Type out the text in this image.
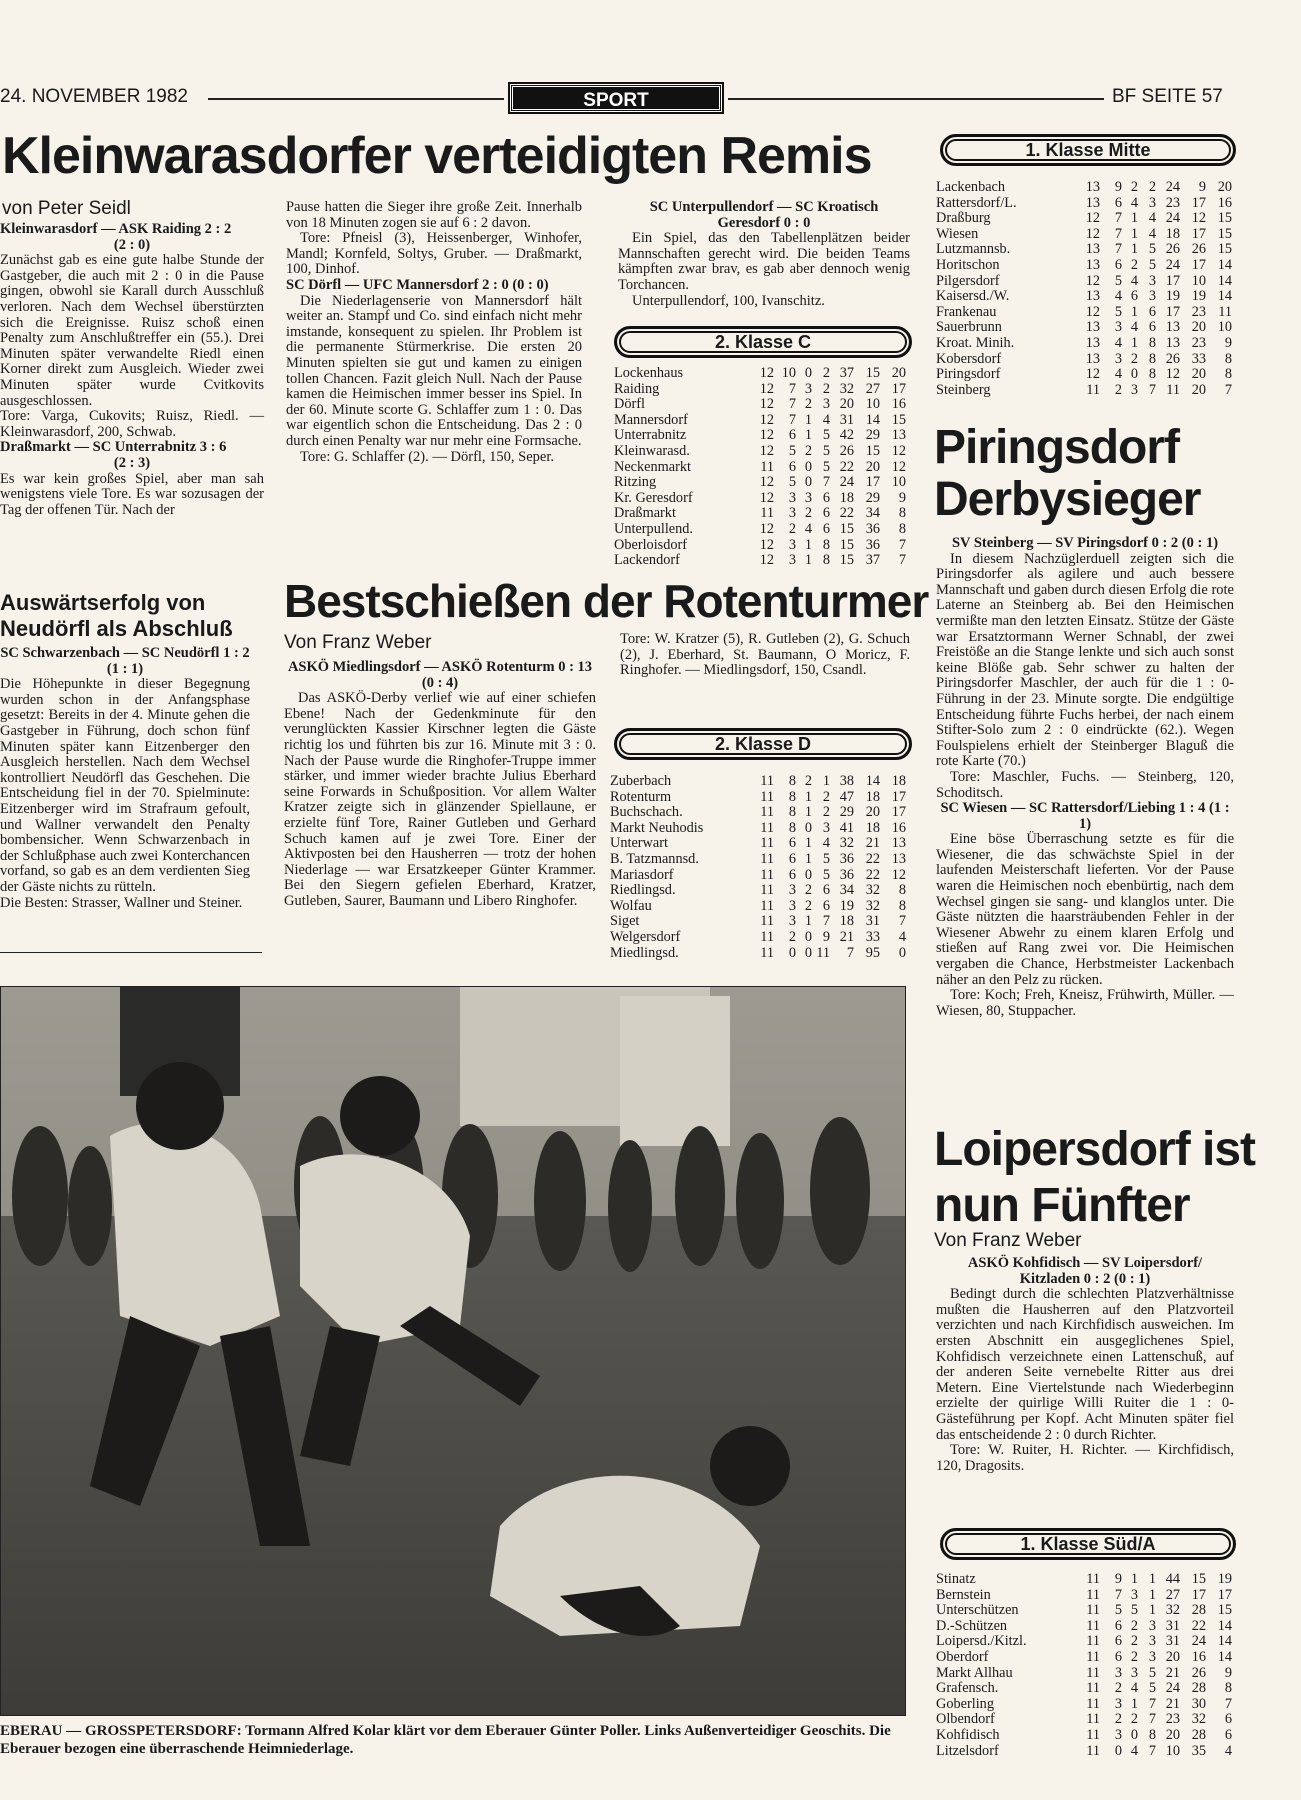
24. NOVEMBER 1982	SPORT	BF SEITE 57
Kleinwarasdorfer verteidigten Remis
von Peter Seidl

Kleinwarasdorf — ASK Raiding 2 : 2

(2 : 0)

Zunächst gab es eine gute halbe Stunde der Gastgeber, die auch mit 2 : 0 in die Pause gingen, obwohl sie Karall durch Ausschluß verloren. Nach dem Wechsel überstürzten sich die Ereignisse. Ruisz schoß einen Penalty zum Anschlußtreffer ein (55.). Drei Minuten später verwandelte Riedl einen Korner direkt zum Ausgleich. Wieder zwei Minuten später wurde Cvitkovits ausgeschlossen.

Tore: Varga, Cukovits; Ruisz, Riedl. — Kleinwarasdorf, 200, Schwab.

Draßmarkt — SC Unterrabnitz 3 : 6

(2 : 3)

Es war kein großes Spiel, aber man sah wenigstens viele Tore. Es war sozusagen der Tag der offenen Tür. Nach der

Pause hatten die Sieger ihre große Zeit. Innerhalb von 18 Minuten zogen sie auf 6 : 2 davon.

Tore: Pfneisl (3), Heissenberger, Winhofer, Mandl; Kornfeld, Soltys, Gruber. — Draßmarkt, 100, Dinhof.

SC Dörfl — UFC Mannersdorf 2 : 0 (0 : 0)

Die Niederlagenserie von Mannersdorf hält weiter an. Stampf und Co. sind einfach nicht mehr imstande, konsequent zu spielen. Ihr Problem ist die permanente Stürmerkrise. Die ersten 20 Minuten spielten sie gut und kamen zu einigen tollen Chancen. Fazit gleich Null. Nach der Pause kamen die Heimischen immer besser ins Spiel. In der 60. Minute scorte G. Schlaffer zum 1 : 0. Das war eigentlich schon die Entscheidung. Das 2 : 0 durch einen Penalty war nur mehr eine Formsache.

Tore: G. Schlaffer (2). — Dörfl, 150, Seper.

SC Unterpullendorf — SC Kroatisch Geresdorf 0 : 0

Ein Spiel, das den Tabellenplätzen beider Mannschaften gerecht wird. Die beiden Teams kämpften zwar brav, es gab aber dennoch wenig Torchancen.

Unterpullendorf, 100, Ivanschitz.

Auswärtserfolg von Neudörfl als Abschluß

SC Schwarzenbach — SC Neudörfl 1 : 2 (1 : 1)

Die Höhepunkte in dieser Begegnung wurden schon in der Anfangsphase gesetzt: Bereits in der 4. Minute gehen die Gastgeber in Führung, doch schon fünf Minuten später kann Eitzenberger den Ausgleich herstellen. Nach dem Wechsel kontrolliert Neudörfl das Geschehen. Die Entscheidung fiel in der 70. Spielminute: Eitzenberger wird im Strafraum gefoult, und Wallner verwandelt den Penalty bombensicher. Wenn Schwarzenbach in der Schlußphase auch zwei Konterchancen vorfand, so gab es an dem verdienten Sieg der Gäste nichts zu rütteln.

Die Besten: Strasser, Wallner und Steiner.

2. Klasse C
Lockenhaus	12	10	0	2	37	15	20
Raiding	12	7	3	2	32	27	17
Dörfl	12	7	2	3	20	10	16
Mannersdorf	12	7	1	4	31	14	15
Unterrabnitz	12	6	1	5	42	29	13
Kleinwarasd.	12	5	2	5	26	15	12
Neckenmarkt	11	6	0	5	22	20	12
Ritzing	12	5	0	7	24	17	10
Kr. Geresdorf	12	3	3	6	18	29	9
Draßmarkt	11	3	2	6	22	34	8
Unterpullend.	12	2	4	6	15	36	8
Oberloisdorf	12	3	1	8	15	36	7
Lackendorf	12	3	1	8	15	37	7
Bestschießen der Rotenturmer
Von Franz Weber

ASKÖ Miedlingsdorf — ASKÖ Rotenturm 0 : 13 (0 : 4)

Das ASKÖ-Derby verlief wie auf einer schiefen Ebene! Nach der Gedenkminute für den verunglückten Kassier Kirschner legten die Gäste richtig los und führten bis zur 16. Minute mit 3 : 0. Nach der Pause wurde die Ringhofer-Truppe immer stärker, und immer wieder brachte Julius Eberhard seine Forwards in Schußposition. Vor allem Walter Kratzer zeigte sich in glänzender Spiellaune, er erzielte fünf Tore, Rainer Gutleben und Gerhard Schuch kamen auf je zwei Tore. Einer der Aktivposten bei den Hausherren — trotz der hohen Niederlage — war Ersatzkeeper Günter Krammer. Bei den Siegern gefielen Eberhard, Kratzer, Gutleben, Saurer, Baumann und Libero Ringhofer.

Tore: W. Kratzer (5), R. Gutleben (2), G. Schuch (2), J. Eberhard, St. Baumann, O Moricz, F. Ringhofer. — Miedlingsdorf, 150, Csandl.

2. Klasse D
Zuberbach	11	8	2	1	38	14	18
Rotenturm	11	8	1	2	47	18	17
Buchschach.	11	8	1	2	29	20	17
Markt Neuhodis	11	8	0	3	41	18	16
Unterwart	11	6	1	4	32	21	13
B. Tatzmannsd.	11	6	1	5	36	22	13
Mariasdorf	11	6	0	5	36	22	12
Riedlingsd.	11	3	2	6	34	32	8
Wolfau	11	3	2	6	19	32	8
Siget	11	3	1	7	18	31	7
Welgersdorf	11	2	0	9	21	33	4
Miedlingsd.	11	0	0	11	7	95	0
1. Klasse Mitte
Lackenbach	13	9	2	2	24	9	20
Rattersdorf/L.	13	6	4	3	23	17	16
Draßburg	12	7	1	4	24	12	15
Wiesen	12	7	1	4	18	17	15
Lutzmannsb.	13	7	1	5	26	26	15
Horitschon	13	6	2	5	24	17	14
Pilgersdorf	12	5	4	3	17	10	14
Kaisersd./W.	13	4	6	3	19	19	14
Frankenau	12	5	1	6	17	23	11
Sauerbrunn	13	3	4	6	13	20	10
Kroat. Minih.	13	4	1	8	13	23	9
Kobersdorf	13	3	2	8	26	33	8
Piringsdorf	12	4	0	8	12	20	8
Steinberg	11	2	3	7	11	20	7
Piringsdorf
Derbysieger

SV Steinberg — SV Piringsdorf 0 : 2 (0 : 1)

In diesem Nachzüglerduell zeigten sich die Piringsdorfer als agilere und auch bessere Mannschaft und gaben durch diesen Erfolg die rote Laterne an Steinberg ab. Bei den Heimischen vermißte man den letzten Einsatz. Stütze der Gäste war Ersatztormann Werner Schnabl, der zwei Freistöße an die Stange lenkte und sich auch sonst keine Blöße gab. Sehr schwer zu halten der Piringsdorfer Maschler, der auch für die 1 : 0-Führung in der 23. Minute sorgte. Die endgültige Entscheidung führte Fuchs herbei, der nach einem Stifter-Solo zum 2 : 0 eindrückte (62.). Wegen Foulspielens erhielt der Steinberger Blaguß die rote Karte (70.)

Tore: Maschler, Fuchs. — Steinberg, 120, Schoditsch.

SC Wiesen — SC Rattersdorf/Liebing 1 : 4 (1 : 1)

Eine böse Überraschung setzte es für die Wiesener, die das schwächste Spiel in der laufenden Meisterschaft lieferten. Vor der Pause waren die Heimischen noch ebenbürtig, nach dem Wechsel gingen sie sang- und klanglos unter. Die Gäste nützten die haarsträubenden Fehler in der Wiesener Abwehr zu einem klaren Erfolg und stießen auf Rang zwei vor. Die Heimischen vergaben die Chance, Herbstmeister Lackenbach näher an den Pelz zu rücken.

Tore: Koch; Freh, Kneisz, Frühwirth, Müller. — Wiesen, 80, Stuppacher.

Loipersdorf ist
nun Fünfter
Von Franz Weber

ASKÖ Kohfidisch — SV Loipersdorf/ Kitzladen 0 : 2 (0 : 1)

Bedingt durch die schlechten Platzverhältnisse mußten die Hausherren auf den Platzvorteil verzichten und nach Kirchfidisch ausweichen. Im ersten Abschnitt ein ausgeglichenes Spiel, Kohfidisch verzeichnete einen Lattenschuß, auf der anderen Seite vernebelte Ritter aus drei Metern. Eine Viertelstunde nach Wiederbeginn erzielte der quirlige Willi Ruiter die 1 : 0-Gästeführung per Kopf. Acht Minuten später fiel das entscheidende 2 : 0 durch Richter.

Tore: W. Ruiter, H. Richter. — Kirchfidisch, 120, Dragosits.

1. Klasse Süd/A
Stinatz	11	9	1	1	44	15	19
Bernstein	11	7	3	1	27	17	17
Unterschützen	11	5	5	1	32	28	15
D.-Schützen	11	6	2	3	31	22	14
Loipersd./Kitzl.	11	6	2	3	31	24	14
Oberdorf	11	6	2	3	20	16	14
Markt Allhau	11	3	3	5	21	26	9
Grafensch.	11	2	4	5	24	28	8
Goberling	11	3	1	7	21	30	7
Olbendorf	11	2	2	7	23	32	6
Kohfidisch	11	3	0	8	20	28	6
Litzelsdorf	11	0	4	7	10	35	4
EBERAU — GROSSPETERSDORF: Tormann Alfred Kolar klärt vor dem Eberauer Günter Poller. Links Außenverteidiger Geoschits. Die Eberauer bezogen eine überraschende Heimniederlage.
